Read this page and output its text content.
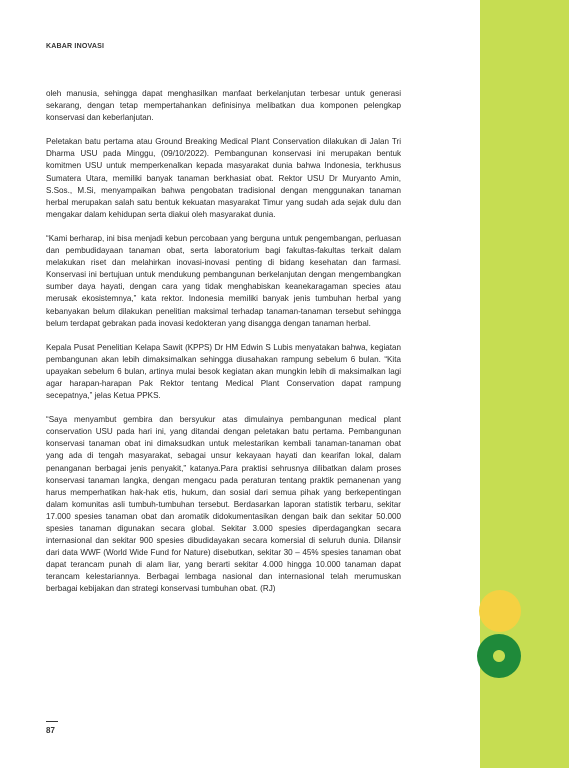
KABAR INOVASI

oleh manusia, sehingga dapat menghasilkan manfaat berkelanjutan terbesar untuk generasi sekarang, dengan tetap mempertahankan definisinya melibatkan dua komponen pelengkap konservasi dan keberlanjutan.

Peletakan batu pertama atau Ground Breaking Medical Plant Conservation dilakukan di Jalan Tri Dharma USU pada Minggu, (09/10/2022). Pembangunan konservasi ini merupakan bentuk komitmen USU untuk memperkenalkan kepada masyarakat dunia bahwa Indonesia, terkhusus Sumatera Utara, memiliki banyak tanaman berkhasiat obat. Rektor USU Dr Muryanto Amin, S.Sos., M.Si, menyampaikan bahwa pengobatan tradisional dengan menggunakan tanaman herbal merupakan salah satu bentuk kekuatan masyarakat Timur yang sudah ada sejak dulu dan mengakar dalam kehidupan serta diakui oleh masyarakat dunia.

“Kami berharap, ini bisa menjadi kebun percobaan yang berguna untuk pengembangan, perluasan dan pembudidayaan tanaman obat, serta laboratorium bagi fakultas-fakultas terkait dalam melakukan riset dan melahirkan inovasi-inovasi penting di bidang kesehatan dan farmasi. Konservasi ini bertujuan untuk mendukung pembangunan berkelanjutan dengan mengembangkan sumber daya hayati, dengan cara yang tidak menghabiskan keanekaragaman species atau merusak ekosistemnya,” kata rektor. Indonesia memiliki banyak jenis tumbuhan herbal yang kebanyakan belum dilakukan penelitian maksimal terhadap tanaman-tanaman tersebut sehingga belum terdapat gebrakan pada inovasi kedokteran yang disangga dengan tanaman herbal.

Kepala Pusat Penelitian Kelapa Sawit (KPPS) Dr HM Edwin S Lubis menyatakan bahwa, kegiatan pembangunan akan lebih dimaksimalkan sehingga diusahakan rampung sebelum 6 bulan. “Kita upayakan sebelum 6 bulan, artinya mulai besok kegiatan akan mungkin lebih di maksimalkan lagi agar harapan-harapan Pak Rektor tentang Medical Plant Conservation dapat rampung secepatnya,” jelas Ketua PPKS.

“Saya menyambut gembira dan bersyukur atas dimulainya pembangunan medical plant conservation USU pada hari ini, yang ditandai dengan peletakan batu pertama. Pembangunan konservasi tanaman obat ini dimaksudkan untuk melestarikan kembali tanaman-tanaman obat yang ada di tengah masyarakat, sebagai unsur kekayaan hayati dan kearifan lokal, dalam penanganan berbagai jenis penyakit,” katanya.Para praktisi sehrusnya dilibatkan dalam proses konservasi tanaman langka, dengan mengacu pada peraturan tentang praktik pemanenan yang harus memperhatikan hak-hak etis, hukum, dan sosial dari semua pihak yang berkepentingan dalam komunitas asli tumbuh-tumbuhan tersebut. Berdasarkan laporan statistik terbaru, sekitar 17.000 spesies tanaman obat dan aromatik didokumentasikan dengan baik dan sekitar 50.000 spesies tanaman digunakan secara global. Sekitar 3.000 spesies diperdagangkan secara internasional dan sekitar 900 spesies dibudidayakan secara komersial di seluruh dunia. Dilansir dari data WWF (World Wide Fund for Nature) disebutkan, sekitar 30 – 45% spesies tanaman obat dapat terancam punah di alam liar, yang berarti sekitar 4.000 hingga 10.000 tanaman dapat terancam kelestariannya. Berbagai lembaga nasional dan internasional telah merumuskan berbagai kebijakan dan strategi konservasi tumbuhan obat. (RJ)

87
